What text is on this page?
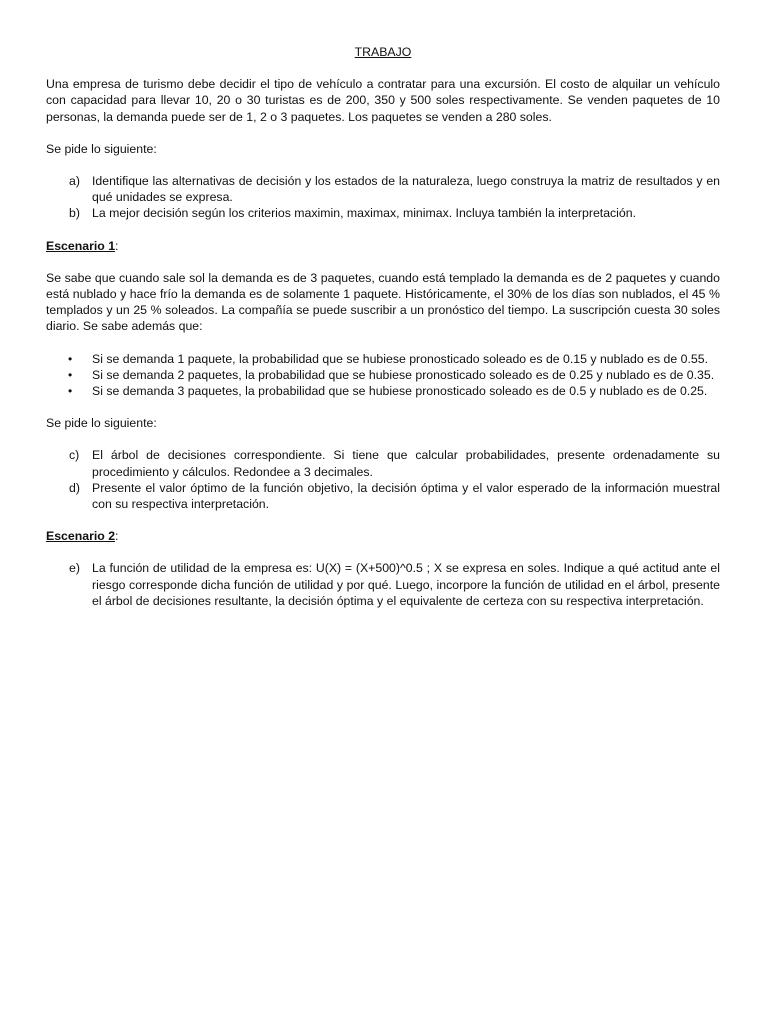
TRABAJO

Una empresa de turismo debe decidir el tipo de vehículo a contratar para una excursión. El costo de alquilar un vehículo con capacidad para llevar 10, 20 o 30 turistas es de 200, 350 y 500 soles respectivamente. Se venden paquetes de 10 personas, la demanda puede ser de 1, 2 o 3 paquetes. Los paquetes se venden a 280 soles.

Se pide lo siguiente:

a) Identifique las alternativas de decisión y los estados de la naturaleza, luego construya la matriz de resultados y en qué unidades se expresa.
b) La mejor decisión según los criterios maximin, maximax, minimax. Incluya también la interpretación.
Escenario 1:

Se sabe que cuando sale sol la demanda es de 3 paquetes, cuando está templado la demanda es de 2 paquetes y cuando está nublado y hace frío la demanda es de solamente 1 paquete. Históricamente, el 30% de los días son nublados, el 45 % templados y un 25 % soleados. La compañía se puede suscribir a un pronóstico del tiempo. La suscripción cuesta 30 soles diario. Se sabe además que:

• Si se demanda 1 paquete, la probabilidad que se hubiese pronosticado soleado es de 0.15 y nublado es de 0.55.
• Si se demanda 2 paquetes, la probabilidad que se hubiese pronosticado soleado es de 0.25 y nublado es de 0.35.
• Si se demanda 3 paquetes, la probabilidad que se hubiese pronosticado soleado es de 0.5 y nublado es de 0.25.

Se pide lo siguiente:

c) El árbol de decisiones correspondiente. Si tiene que calcular probabilidades, presente ordenadamente su procedimiento y cálculos. Redondee a 3 decimales.
d) Presente el valor óptimo de la función objetivo, la decisión óptima y el valor esperado de la información muestral con su respectiva interpretación.
Escenario 2:
e) La función de utilidad de la empresa es: U(X) = (X+500)^0.5 ; X se expresa en soles. Indique a qué actitud ante el riesgo corresponde dicha función de utilidad y por qué. Luego, incorpore la función de utilidad en el árbol, presente el árbol de decisiones resultante, la decisión óptima y el equivalente de certeza con su respectiva interpretación.
